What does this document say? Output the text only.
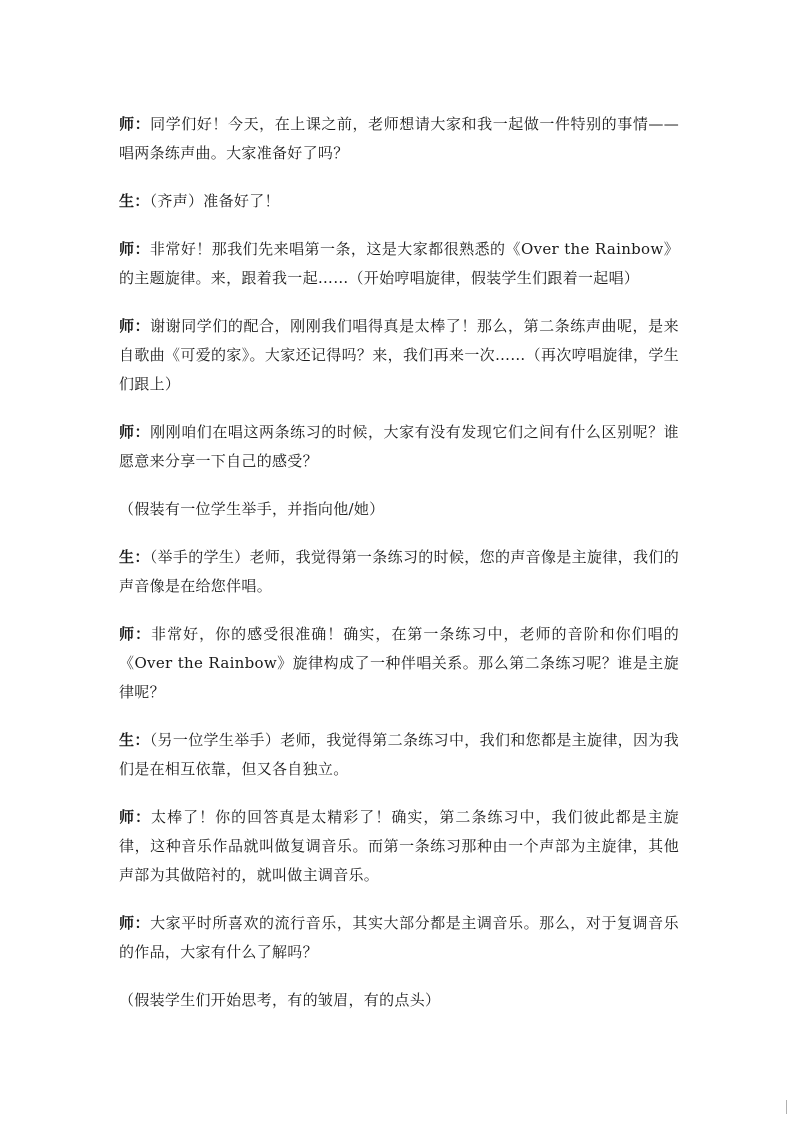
师：同学们好！今天，在上课之前，老师想请大家和我一起做一件特别的事情——唱两条练声曲。大家准备好了吗？

生：（齐声）准备好了！

师：非常好！那我们先来唱第一条，这是大家都很熟悉的《Over the Rainbow》的主题旋律。来，跟着我一起……（开始哼唱旋律，假装学生们跟着一起唱）

师：谢谢同学们的配合，刚刚我们唱得真是太棒了！那么，第二条练声曲呢，是来自歌曲《可爱的家》。大家还记得吗？来，我们再来一次……（再次哼唱旋律，学生们跟上）

师：刚刚咱们在唱这两条练习的时候，大家有没有发现它们之间有什么区别呢？谁愿意来分享一下自己的感受？

（假装有一位学生举手，并指向他/她）

生：（举手的学生）老师，我觉得第一条练习的时候，您的声音像是主旋律，我们的声音像是在给您伴唱。

师：非常好，你的感受很准确！确实，在第一条练习中，老师的音阶和你们唱的《Over the Rainbow》旋律构成了一种伴唱关系。那么第二条练习呢？谁是主旋律呢？

生：（另一位学生举手）老师，我觉得第二条练习中，我们和您都是主旋律，因为我们是在相互依靠，但又各自独立。

师：太棒了！你的回答真是太精彩了！确实，第二条练习中，我们彼此都是主旋律，这种音乐作品就叫做复调音乐。而第一条练习那种由一个声部为主旋律，其他声部为其做陪衬的，就叫做主调音乐。

师：大家平时所喜欢的流行音乐，其实大部分都是主调音乐。那么，对于复调音乐的作品，大家有什么了解吗？

（假装学生们开始思考，有的皱眉，有的点头）
